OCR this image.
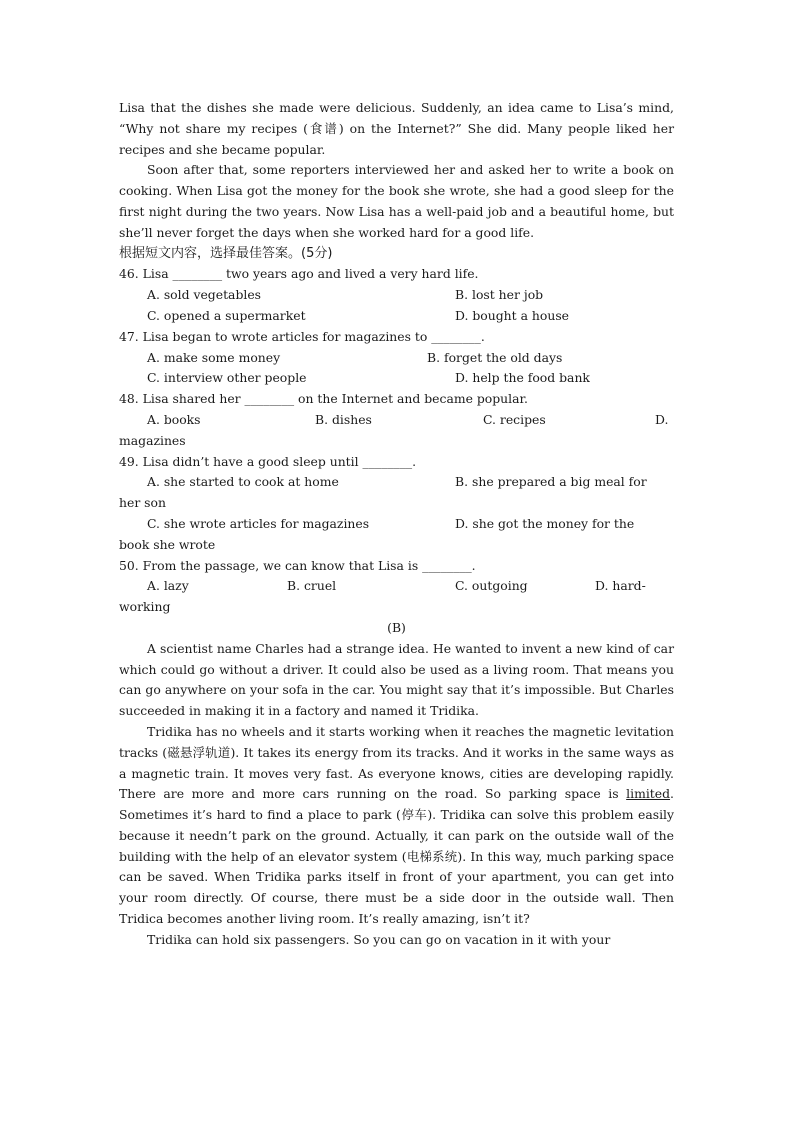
Lisa that the dishes she made were delicious. Suddenly, an idea came to Lisa’s mind, “Why not share my recipes (食谱) on the Internet?” She did. Many people liked her recipes and she became popular.

Soon after that, some reporters interviewed her and asked her to write a book on cooking. When Lisa got the money for the book she wrote, she had a good sleep for the first night during the two years. Now Lisa has a well-paid job and a beautiful home, but she’ll never forget the days when she worked hard for a good life.

根据短文内容，选择最佳答案。(5分)

46. Lisa ________ two years ago and lived a very hard life.

A. sold vegetables	B. lost her job
C. opened a supermarket	D. bought a house

47. Lisa began to wrote articles for magazines to ________.

A. make some money	B. forget the old days
C. interview other people	D. help the food bank

48. Lisa shared her ________ on the Internet and became popular.

A. books	B. dishes	C. recipes	D.

magazines

49. Lisa didn’t have a good sleep until ________.

A. she started to cook at home	B. she prepared a big meal for

her son

C. she wrote articles for magazines	D. she got the money for the

book she wrote

50. From the passage, we can know that Lisa is ________.

A. lazy	B. cruel	C. outgoing	D. hard-

working

(B)

A scientist name Charles had a strange idea. He wanted to invent a new kind of car which could go without a driver. It could also be used as a living room. That means you can go anywhere on your sofa in the car. You might say that it’s impossible. But Charles succeeded in making it in a factory and named it Tridika.

Tridika has no wheels and it starts working when it reaches the magnetic levitation tracks (磁悬浮轨道). It takes its energy from its tracks. And it works in the same ways as a magnetic train. It moves very fast. As everyone knows, cities are developing rapidly. There are more and more cars running on the road. So parking space is limited. Sometimes it’s hard to find a place to park (停车). Tridika can solve this problem easily because it needn’t park on the ground. Actually, it can park on the outside wall of the building with the help of an elevator system (电梯系统). In this way, much parking space can be saved. When Tridika parks itself in front of your apartment, you can get into your room directly. Of course, there must be a side door in the outside wall. Then Tridica becomes another living room. It’s really amazing, isn’t it?

Tridika can hold six passengers. So you can go on vacation in it with your
